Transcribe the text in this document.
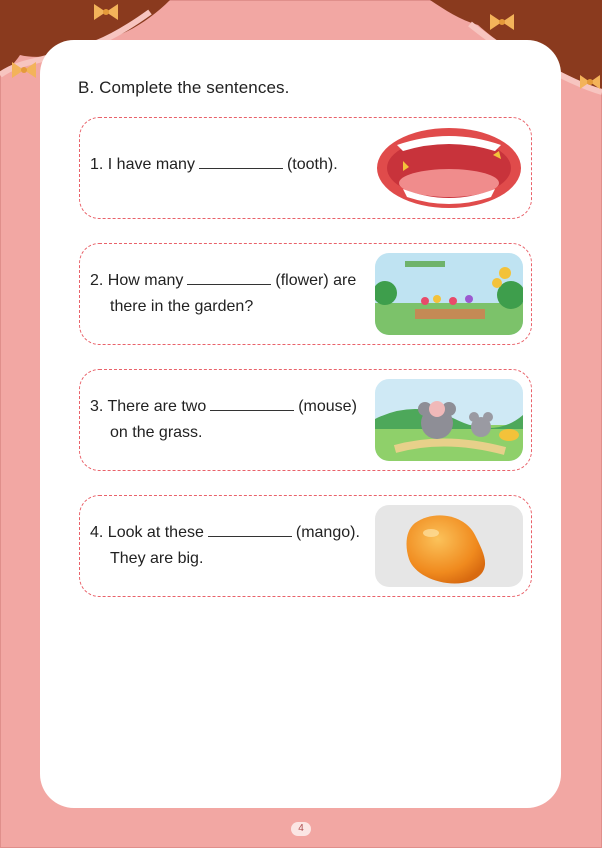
B. Complete the sentences.
1. I have many	(tooth).
2. How many	(flower) are
there in the garden?
3. There are two	(mouse)
on the grass.
4. Look at these	(mango).
They are big.
4
